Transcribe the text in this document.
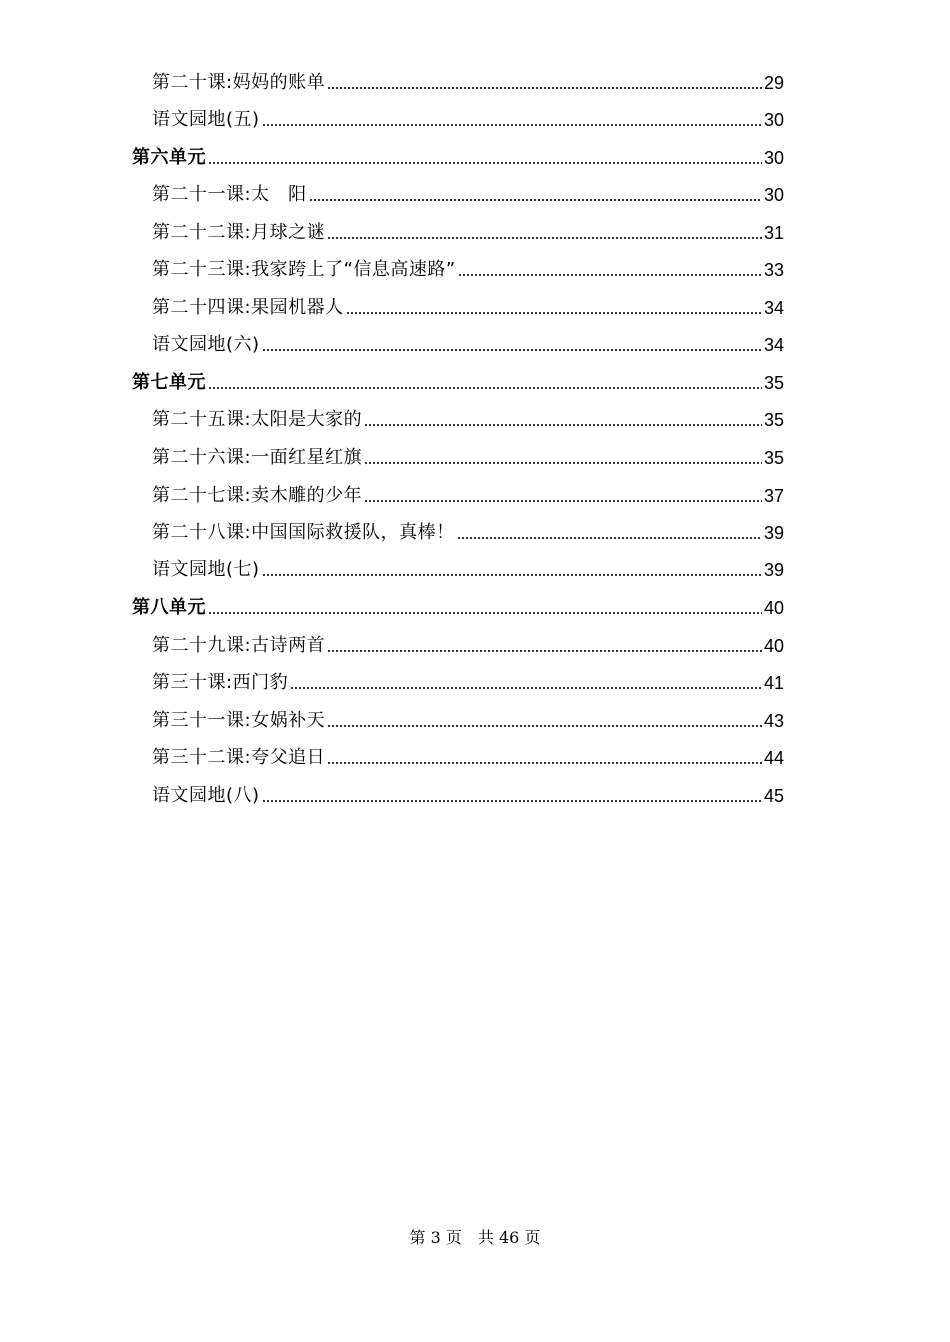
第二十课:妈妈的账单	29
语文园地(五)	30
第六单元	30
第二十一课:太　阳	30
第二十二课:月球之谜	31
第二十三课:我家跨上了“信息高速路”	33
第二十四课:果园机器人	34
语文园地(六)	34
第七单元	35
第二十五课:太阳是大家的	35
第二十六课:一面红星红旗	35
第二十七课:卖木雕的少年	37
第二十八课:中国国际救援队，真棒！	39
语文园地(七)	39
第八单元	40
第二十九课:古诗两首	40
第三十课:西门豹	41
第三十一课:女娲补天	43
第三十二课:夸父追日	44
语文园地(八)	45
第 3 页　共 46 页
